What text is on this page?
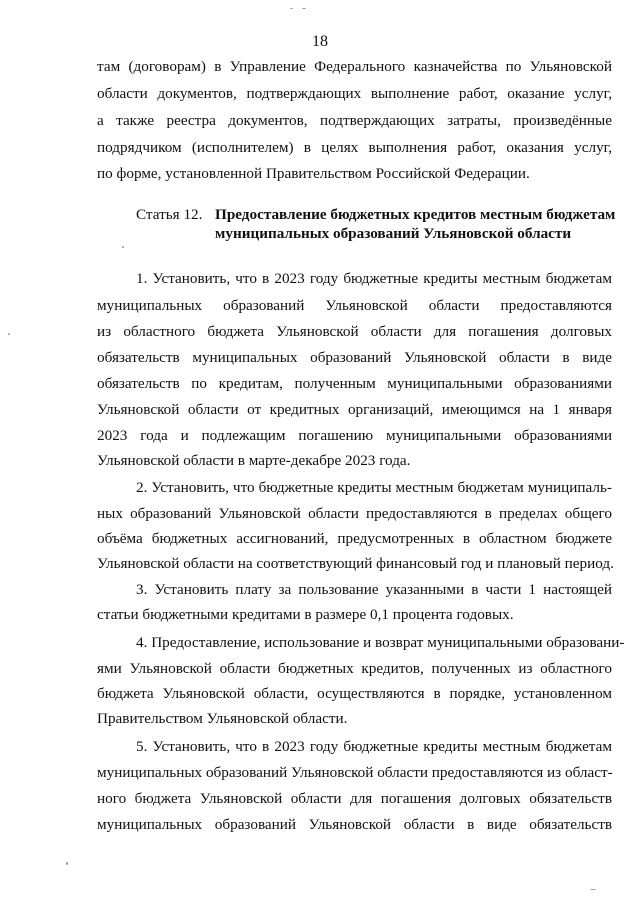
18
там (договорам) в Управление Федерального казначейства по Ульяновской
области документов, подтверждающих выполнение работ, оказание услуг,
а также реестра документов, подтверждающих затраты, произведённые
подрядчиком (исполнителем) в целях выполнения работ, оказания услуг,
по форме, установленной Правительством Российской Федерации.
Статья 12. Предоставление бюджетных кредитов местным бюджетам
муниципальных образований Ульяновской области
1. Установить, что в 2023 году бюджетные кредиты местным бюджетам
муниципальных образований Ульяновской области предоставляются
из областного бюджета Ульяновской области для погашения долговых
обязательств муниципальных образований Ульяновской области в виде
обязательств по кредитам, полученным муниципальными образованиями
Ульяновской области от кредитных организаций, имеющимся на 1 января
2023 года и подлежащим погашению муниципальными образованиями
Ульяновской области в марте-декабре 2023 года.
2. Установить, что бюджетные кредиты местным бюджетам муниципаль-
ных образований Ульяновской области предоставляются в пределах общего
объёма бюджетных ассигнований, предусмотренных в областном бюджете
Ульяновской области на соответствующий финансовый год и плановый период.
3. Установить плату за пользование указанными в части 1 настоящей
статьи бюджетными кредитами в размере 0,1 процента годовых.
4. Предоставление, использование и возврат муниципальными образовани-
ями Ульяновской области бюджетных кредитов, полученных из областного
бюджета Ульяновской области, осуществляются в порядке, установленном
Правительством Ульяновской области.
5. Установить, что в 2023 году бюджетные кредиты местным бюджетам
муниципальных образований Ульяновской области предоставляются из област-
ного бюджета Ульяновской области для погашения долговых обязательств
муниципальных образований Ульяновской области в виде обязательств
